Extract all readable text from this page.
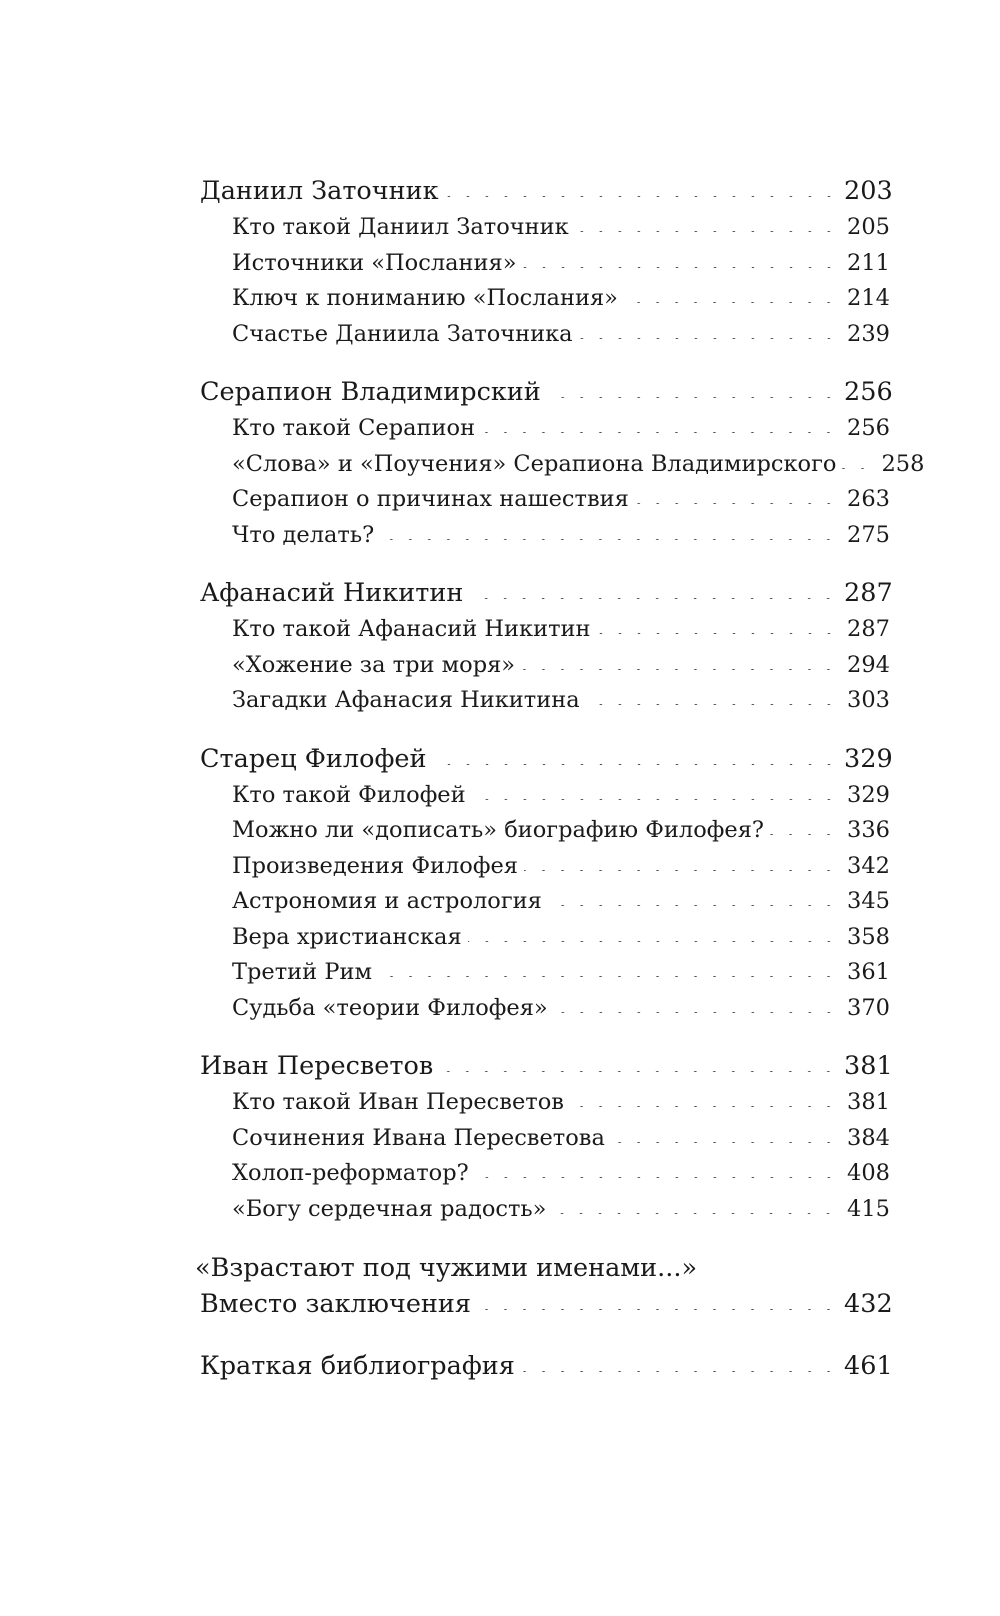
Даниил Заточник	203
Кто такой Даниил Заточник	205
Источники «Послания»	211
Ключ к пониманию «Послания»	214
Счастье Даниила Заточника	239
Серапион Владимирский	256
Кто такой Серапион	256
«Слова» и «Поучения» Серапиона Владимирского 258
Серапион о причинах нашествия	263
Что делать?	275
Афанасий Никитин	287
Кто такой Афанасий Никитин	287
«Хожение за три моря»	294
Загадки Афанасия Никитина	303
Старец Филофей	329
Кто такой Филофей	329
Можно ли «дописать» биографию Филофея?	336
Произведения Филофея	342
Астрономия и астрология	345
Вера христианская	358
Третий Рим	361
Судьба «теории Филофея»	370
Иван Пересветов	381
Кто такой Иван Пересветов	381
Сочинения Ивана Пересветова	384
Холоп-реформатор?	408
«Богу сердечная радость»	415
«Взрастают под чужими именами...»
Вместо заключения	432
Краткая библиография	461
